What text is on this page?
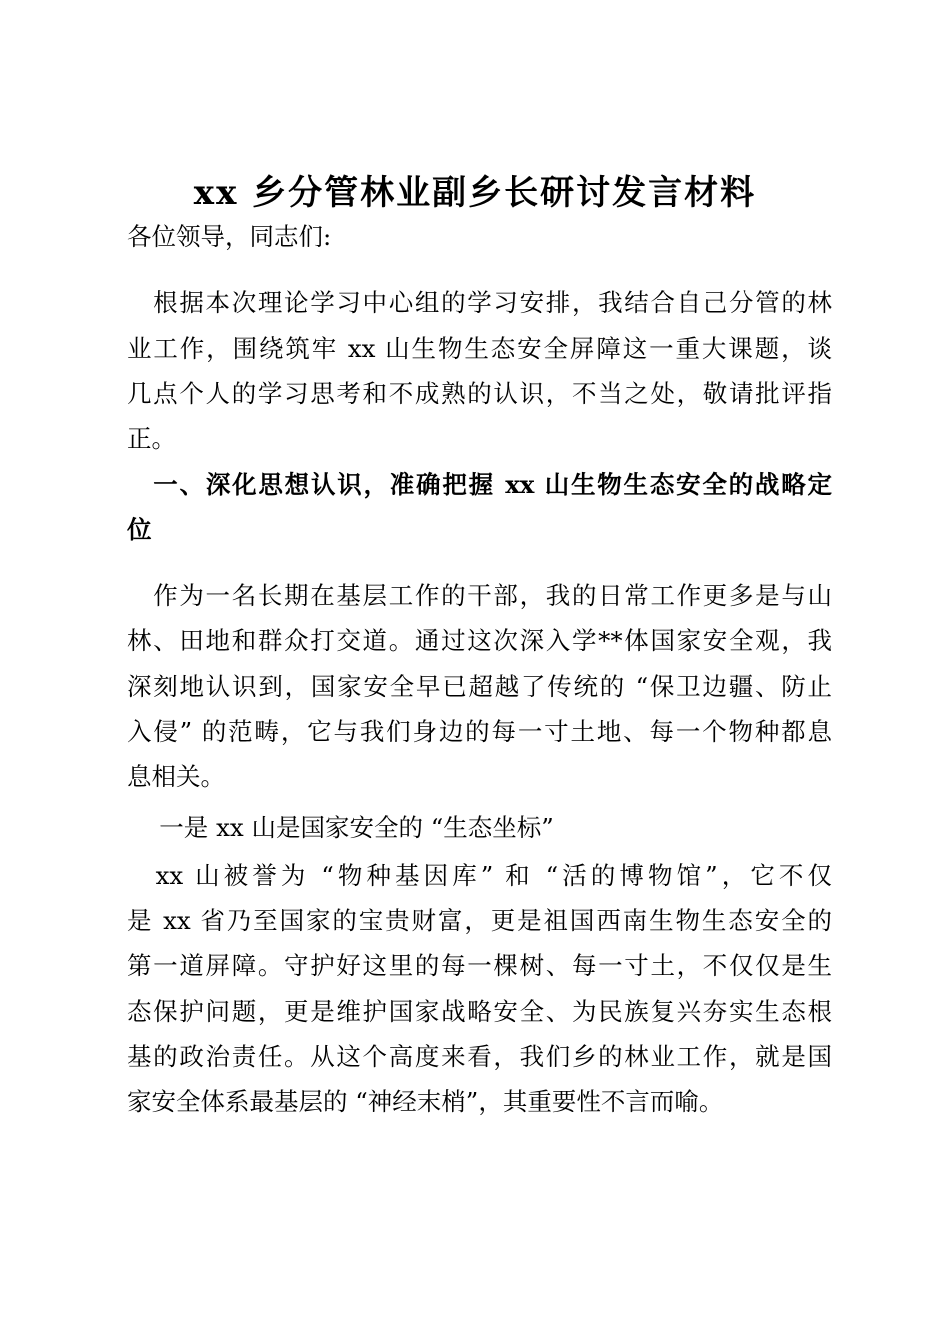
xx 乡分管林业副乡长研讨发言材料
各位领导，同志们:
　根据本次理论学习中心组的学习安排，我结合自己分管的林
业工作，围绕筑牢 xx 山生物生态安全屏障这一重大课题，谈
几点个人的学习思考和不成熟的认识，不当之处，敬请批评指
正。
　一、深化思想认识，准确把握 xx 山生物生态安全的战略定
位
　作为一名长期在基层工作的干部，我的日常工作更多是与山
林、田地和群众打交道。通过这次深入学**体国家安全观，我
深刻地认识到，国家安全早已超越了传统的 “保卫边疆、防止
入侵” 的范畴，它与我们身边的每一寸土地、每一个物种都息
息相关。
　 一是 xx 山是国家安全的 “生态坐标”
　xx 山被誉为 “物种基因库” 和 “活的博物馆”，它不仅
是 xx 省乃至国家的宝贵财富，更是祖国西南生物生态安全的
第一道屏障。守护好这里的每一棵树、每一寸土，不仅仅是生
态保护问题，更是维护国家战略安全、为民族复兴夯实生态根
基的政治责任。从这个高度来看，我们乡的林业工作，就是国
家安全体系最基层的 “神经末梢”，其重要性不言而喻。
